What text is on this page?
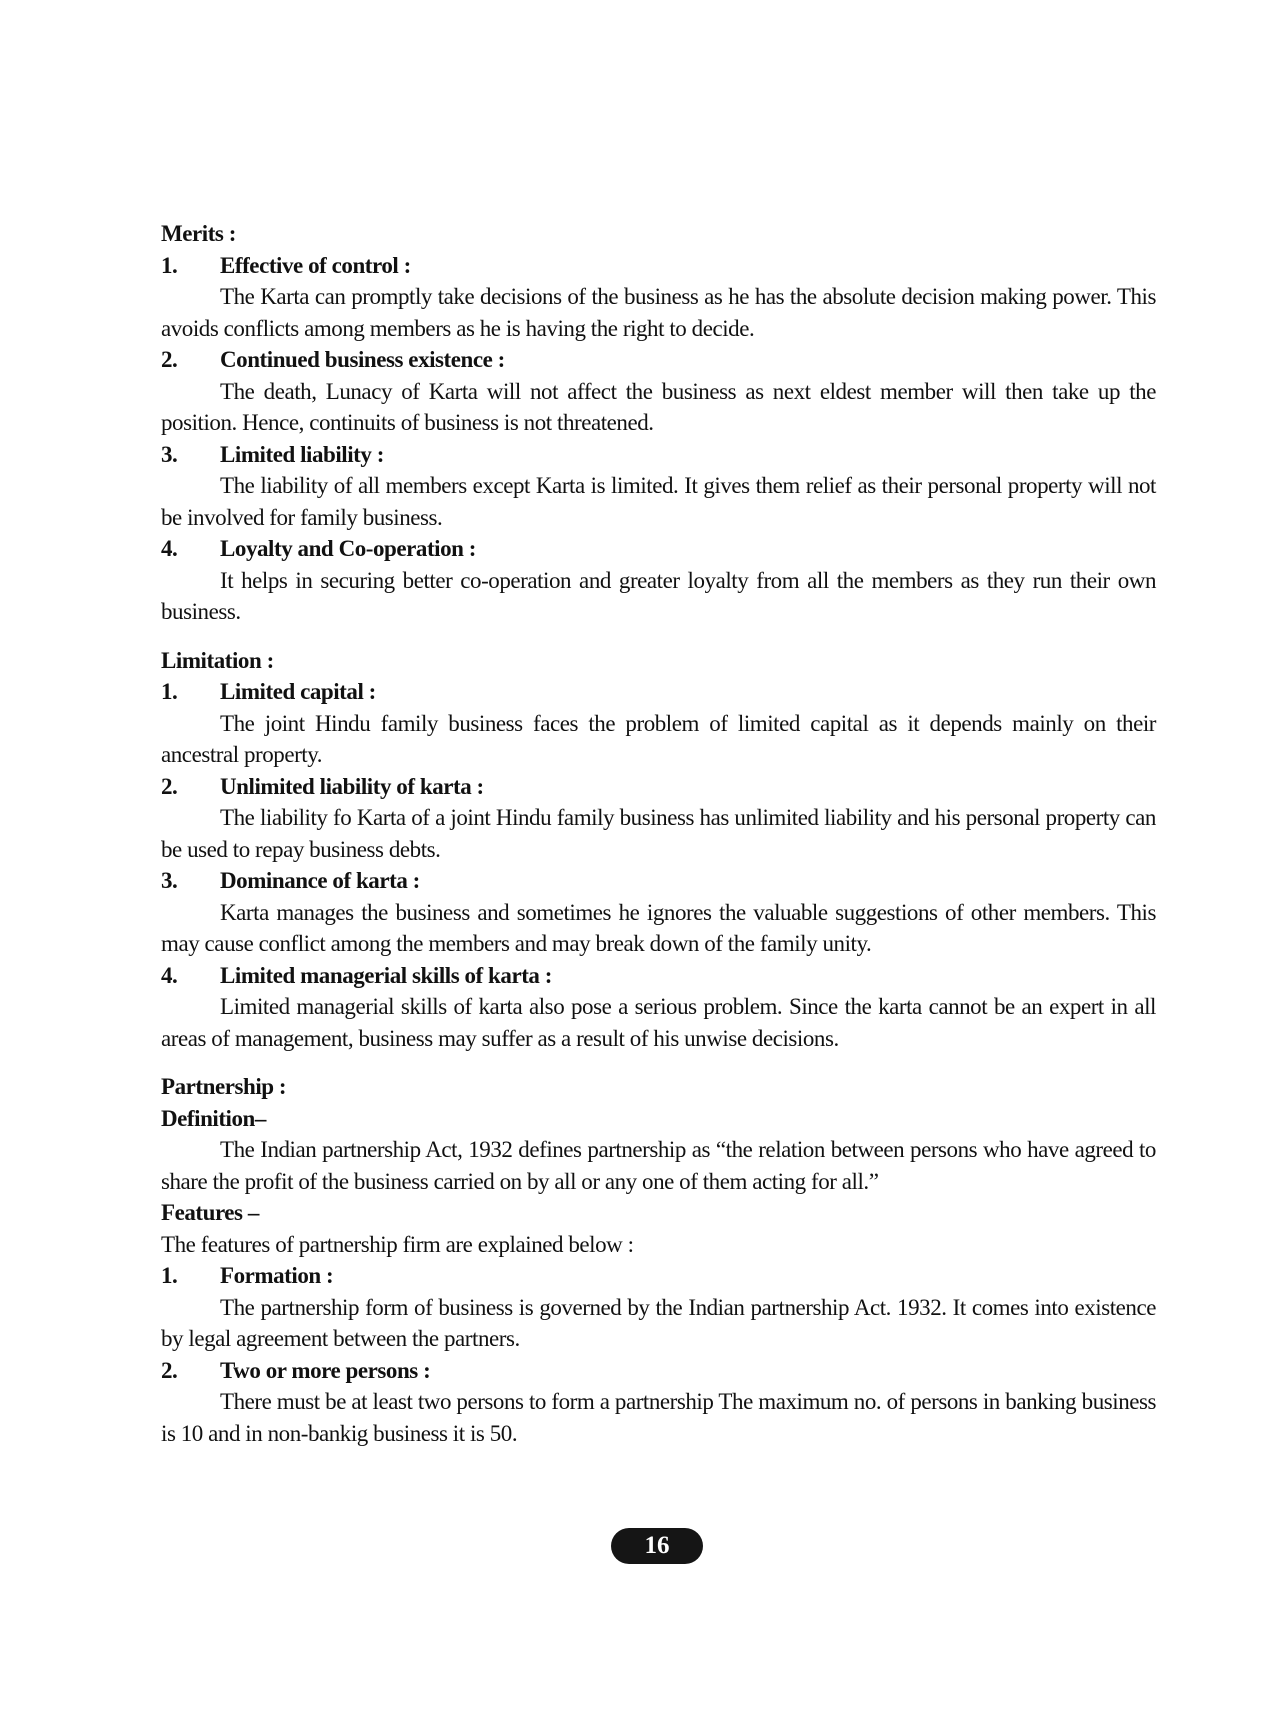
Merits :

1.	Effective of control :

The Karta can promptly take decisions of the business as he has the absolute decision making power. This avoids conflicts among members as he is having the right to decide.

2.	Continued business existence :

The death, Lunacy of Karta will not affect the business as next eldest member will then take up the position. Hence, continuits of business is not threatened.

3.	Limited liability :

The liability of all members except Karta is limited. It gives them relief as their personal property will not be involved for family business.

4.	Loyalty and Co-operation :

It helps in securing better co-operation and greater loyalty from all the members as they run their own business.

Limitation :

1.	Limited capital :

The joint Hindu family business faces the problem of limited capital as it depends mainly on their ancestral property.

2.	Unlimited liability of karta :

The liability fo Karta of a joint Hindu family business has unlimited liability and his personal property can be used to repay business debts.

3.	Dominance of karta :

Karta manages the business and sometimes he ignores the valuable suggestions of other members. This may cause conflict among the members and may break down of the family unity.

4.	Limited managerial skills of karta :

Limited managerial skills of karta also pose a serious problem. Since the karta cannot be an expert in all areas of management, business may suffer as a result of his unwise decisions.

Partnership :

Definition–

The Indian partnership Act, 1932 defines partnership as “the relation between persons who have agreed to share the profit of the business carried on by all or any one of them acting for all.”

Features –

The features of partnership firm are explained below :

1.	Formation :

The partnership form of business is governed by the Indian partnership Act. 1932. It comes into existence by legal agreement between the partners.

2.	Two or more persons :

There must be at least two persons to form a partnership The maximum no. of persons in banking business is 10 and in non-bankig business it is 50.

16
